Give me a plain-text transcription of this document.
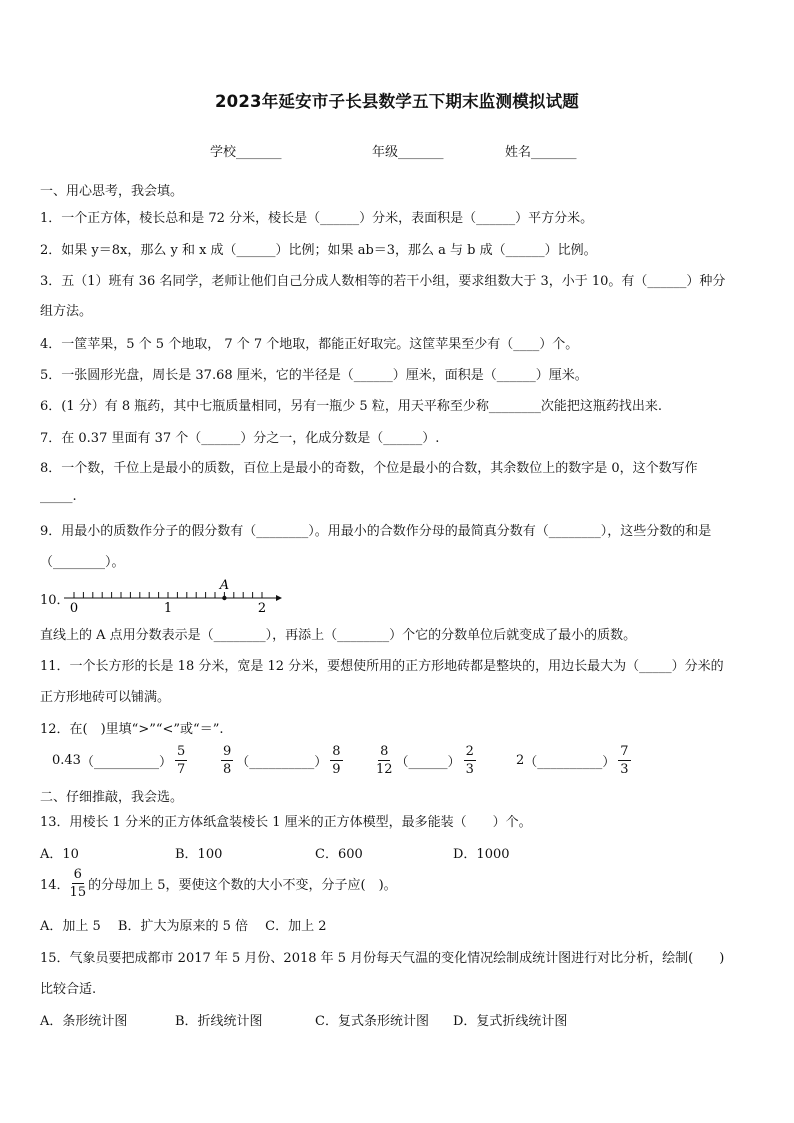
2023年延安市子长县数学五下期末监测模拟试题
学校_______	年级_______	姓名_______
一、用心思考，我会填。
1．一个正方体，棱长总和是 72 分米，棱长是（______）分米，表面积是（______）平方分米。
2．如果 y＝8x，那么 y 和 x 成（______）比例；如果 ab＝3，那么 a 与 b 成（______）比例。
3．五（1）班有 36 名同学，老师让他们自己分成人数相等的若干小组，要求组数大于 3，小于 10。有（______）种分
组方法。
4．一筐苹果，5 个 5 个地取， 7 个 7 个地取，都能正好取完。这筐苹果至少有（____）个。
5．一张圆形光盘，周长是 37.68 厘米，它的半径是（______）厘米，面积是（______）厘米。
6．(1 分）有 8 瓶药，其中七瓶质量相同，另有一瓶少 5 粒，用天平称至少称________次能把这瓶药找出来.
7．在 0.37 里面有 37 个（______）分之一，化成分数是（______）.
8．一个数，千位上是最小的质数，百位上是最小的奇数，个位是最小的合数，其余数位上的数字是 0，这个数写作
_____.
9．用最小的质数作分子的假分数有（________）。用最小的合数作分母的最简真分数有（________），这些分数的和是
（________）。
10．
0	1	2
A
直线上的 A 点用分数表示是（________），再添上（________）个它的分数单位后就变成了最小的质数。
11．一个长方形的长是 18 分米，宽是 12 分米，要想使所用的正方形地砖都是整块的，用边长最大为（_____）分米的
正方形地砖可以铺满。
12．在(　)里填“>”“<”或“＝”.
0.43 （__________） $\frac{5}{7}$	$\frac{9}{8}$ （__________） $\frac{8}{9}$	$\frac{8}{12}$ （______） $\frac{2}{3}$	2 （__________） $\frac{7}{3}$
二、仔细推敲，我会选。
13．用棱长 1 分米的正方体纸盒装棱长 1 厘米的正方体模型，最多能装（　　）个。
A．10	B．100	C．600	D．1000
14． $\frac{6}{15}$ 的分母加上 5，要使这个数的大小不变，分子应(　)。
A．加上 5　 B．扩大为原来的 5 倍　 C．加上 2
15．气象员要把成都市 2017 年 5 月份、2018 年 5 月份每天气温的变化情况绘制成统计图进行对比分析，绘制(　　)
比较合适.
A．条形统计图	B．折线统计图	C．复式条形统计图 D．复式折线统计图
